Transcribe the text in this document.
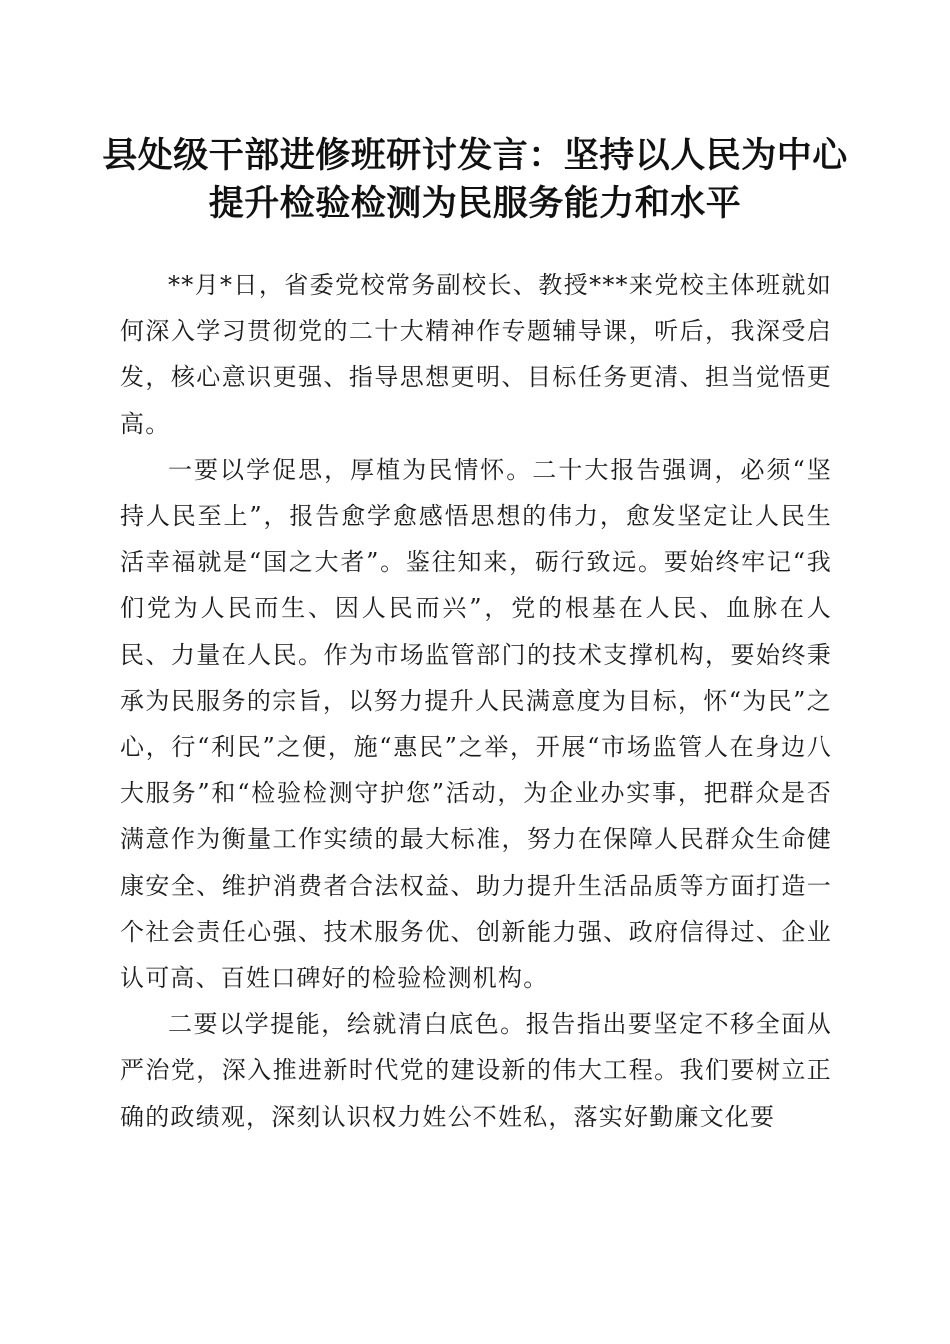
县处级干部进修班研讨发言：坚持以人民为中心提升检验检测为民服务能力和水平

**月*日，省委党校常务副校长、教授***来党校主体班就如何深入学习贯彻党的二十大精神作专题辅导课，听后，我深受启发，核心意识更强、指导思想更明、目标任务更清、担当觉悟更高。

一要以学促思，厚植为民情怀。二十大报告强调，必须“坚持人民至上”，报告愈学愈感悟思想的伟力，愈发坚定让人民生活幸福就是“国之大者”。鉴往知来，砺行致远。要始终牢记“我们党为人民而生、因人民而兴”，党的根基在人民、血脉在人民、力量在人民。作为市场监管部门的技术支撑机构，要始终秉承为民服务的宗旨，以努力提升人民满意度为目标，怀“为民”之心，行“利民”之便，施“惠民”之举，开展“市场监管人在身边八大服务”和“检验检测守护您”活动，为企业办实事，把群众是否满意作为衡量工作实绩的最大标准，努力在保障人民群众生命健康安全、维护消费者合法权益、助力提升生活品质等方面打造一个社会责任心强、技术服务优、创新能力强、政府信得过、企业认可高、百姓口碑好的检验检测机构。

二要以学提能，绘就清白底色。报告指出要坚定不移全面从严治党，深入推进新时代党的建设新的伟大工程。我们要树立正确的政绩观，深刻认识权力姓公不姓私，落实好勤廉文化要
